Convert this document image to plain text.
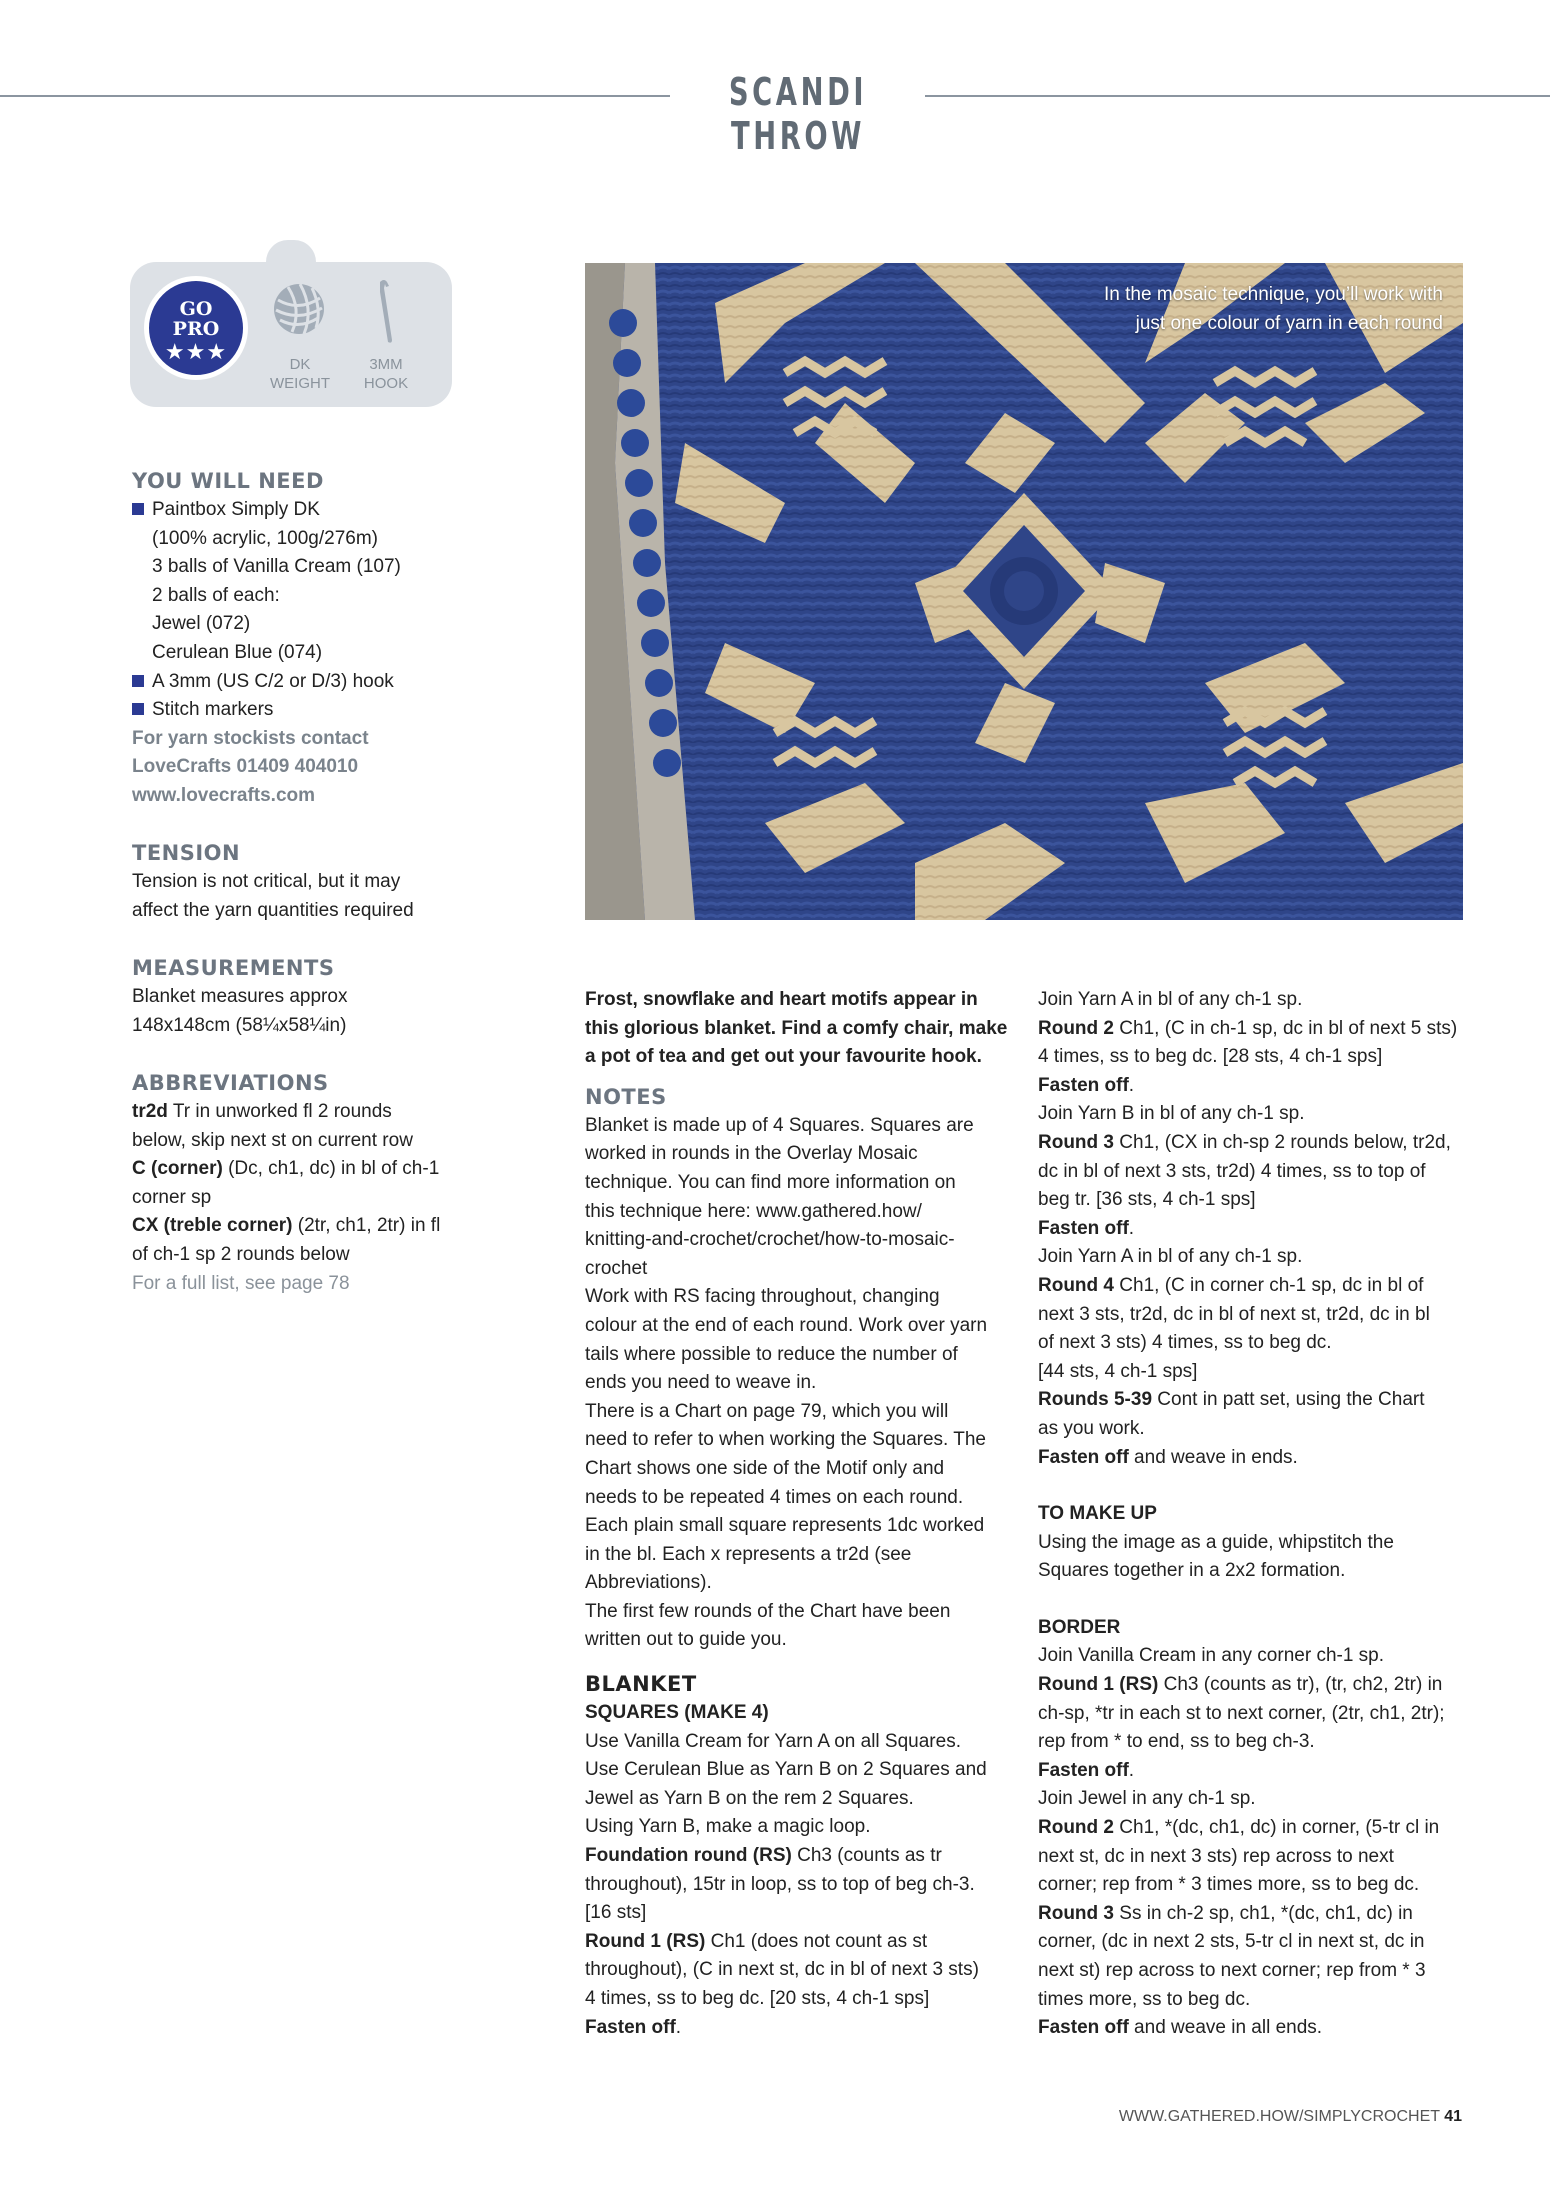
SCANDI THROW
GO
PRO
★★★
DK
WEIGHT
3MM
HOOK
YOU WILL NEED
Paintbox Simply DK
(100% acrylic, 100g/276m)
3 balls of Vanilla Cream (107)
2 balls of each:
Jewel (072)
Cerulean Blue (074)
A 3mm (US C/2 or D/3) hook
Stitch markers
For yarn stockists contact
LoveCrafts 01409 404010
www.lovecrafts.com
TENSION
Tension is not critical, but it may
affect the yarn quantities required
MEASUREMENTS
Blanket measures approx
148x148cm (58¼x58¼in)
ABBREVIATIONS
tr2d Tr in unworked fl 2 rounds
below, skip next st on current row
C (corner) (Dc, ch1, dc) in bl of ch-1
corner sp
CX (treble corner) (2tr, ch1, 2tr) in fl
of ch-1 sp 2 rounds below
For a full list, see page 78
In the mosaic technique, you’ll work with
just one colour of yarn in each round
Frost, snowflake and heart motifs appear in
this glorious blanket. Find a comfy chair, make
a pot of tea and get out your favourite hook.
NOTES
Blanket is made up of 4 Squares. Squares are
worked in rounds in the Overlay Mosaic
technique. You can find more information on
this technique here: www.gathered.how/
knitting-and-crochet/crochet/how-to-mosaic-
crochet
Work with RS facing throughout, changing
colour at the end of each round. Work over yarn
tails where possible to reduce the number of
ends you need to weave in.
There is a Chart on page 79, which you will
need to refer to when working the Squares. The
Chart shows one side of the Motif only and
needs to be repeated 4 times on each round.
Each plain small square represents 1dc worked
in the bl. Each x represents a tr2d (see
Abbreviations).
The first few rounds of the Chart have been
written out to guide you.
BLANKET
SQUARES (MAKE 4)
Use Vanilla Cream for Yarn A on all Squares.
Use Cerulean Blue as Yarn B on 2 Squares and
Jewel as Yarn B on the rem 2 Squares.
Using Yarn B, make a magic loop.
Foundation round (RS) Ch3 (counts as tr
throughout), 15tr in loop, ss to top of beg ch-3.
[16 sts]
Round 1 (RS) Ch1 (does not count as st
throughout), (C in next st, dc in bl of next 3 sts)
4 times, ss to beg dc. [20 sts, 4 ch-1 sps]
Fasten off.
Join Yarn A in bl of any ch-1 sp.
Round 2 Ch1, (C in ch-1 sp, dc in bl of next 5 sts)
4 times, ss to beg dc. [28 sts, 4 ch-1 sps]
Fasten off.
Join Yarn B in bl of any ch-1 sp.
Round 3 Ch1, (CX in ch-sp 2 rounds below, tr2d,
dc in bl of next 3 sts, tr2d) 4 times, ss to top of
beg tr. [36 sts, 4 ch-1 sps]
Fasten off.
Join Yarn A in bl of any ch-1 sp.
Round 4 Ch1, (C in corner ch-1 sp, dc in bl of
next 3 sts, tr2d, dc in bl of next st, tr2d, dc in bl
of next 3 sts) 4 times, ss to beg dc.
[44 sts, 4 ch-1 sps]
Rounds 5-39 Cont in patt set, using the Chart
as you work.
Fasten off and weave in ends.
TO MAKE UP
Using the image as a guide, whipstitch the
Squares together in a 2x2 formation.
BORDER
Join Vanilla Cream in any corner ch-1 sp.
Round 1 (RS) Ch3 (counts as tr), (tr, ch2, 2tr) in
ch-sp, *tr in each st to next corner, (2tr, ch1, 2tr);
rep from * to end, ss to beg ch-3.
Fasten off.
Join Jewel in any ch-1 sp.
Round 2 Ch1, *(dc, ch1, dc) in corner, (5-tr cl in
next st, dc in next 3 sts) rep across to next
corner; rep from * 3 times more, ss to beg dc.
Round 3 Ss in ch-2 sp, ch1, *(dc, ch1, dc) in
corner, (dc in next 2 sts, 5-tr cl in next st, dc in
next st) rep across to next corner; rep from * 3
times more, ss to beg dc.
Fasten off and weave in all ends.
WWW.GATHERED.HOW/SIMPLYCROCHET 41
